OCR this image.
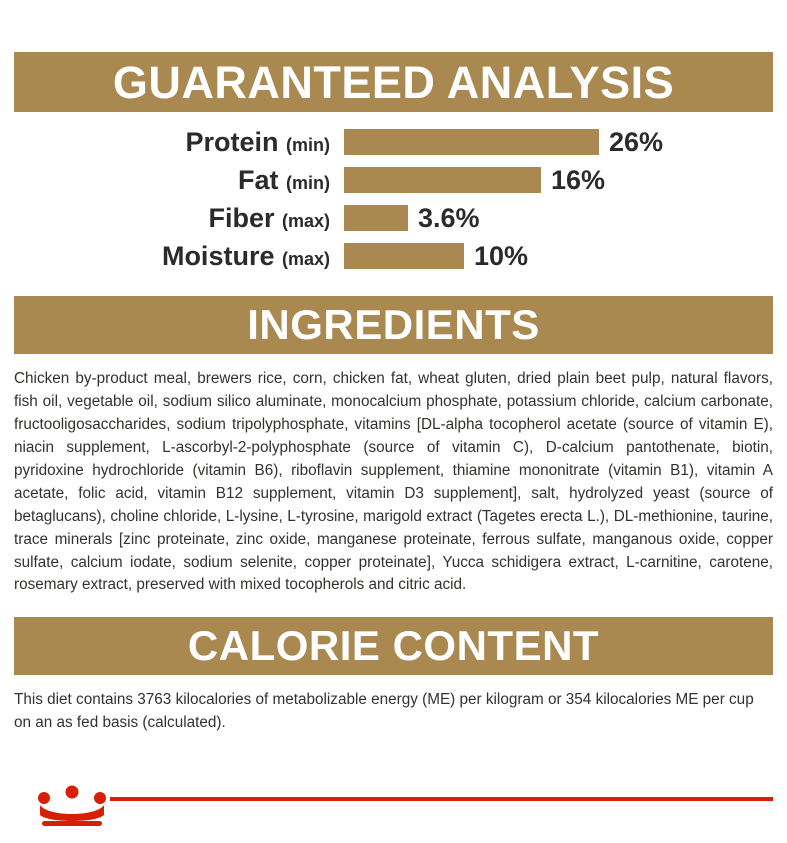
GUARANTEED ANALYSIS
Protein (min)	26%
Fat (min)	16%
Fiber (max)	3.6%
Moisture (max)	10%
INGREDIENTS
Chicken by-product meal, brewers rice, corn, chicken fat, wheat gluten, dried plain beet pulp, natural flavors, fish oil, vegetable oil, sodium silico aluminate, monocalcium phosphate, potassium chloride, calcium carbonate, fructooligosaccharides, sodium tripolyphosphate, vitamins [DL-alpha tocopherol acetate (source of vitamin E), niacin supplement, L-ascorbyl-2-polyphosphate (source of vitamin C), D-calcium pantothenate, biotin, pyridoxine hydrochloride (vitamin B6), riboflavin supplement, thiamine mononitrate (vitamin B1), vitamin A acetate, folic acid, vitamin B12 supplement, vitamin D3 supplement], salt, hydrolyzed yeast (source of betaglucans), choline chloride, L-lysine, L-tyrosine, marigold extract (Tagetes erecta L.), DL-methionine, taurine, trace minerals [zinc proteinate, zinc oxide, manganese proteinate, ferrous sulfate, manganous oxide, copper sulfate, calcium iodate, sodium selenite, copper proteinate], Yucca schidigera extract, L-carnitine, carotene, rosemary extract, preserved with mixed tocopherols and citric acid.
CALORIE CONTENT
This diet contains 3763 kilocalories of metabolizable energy (ME) per kilogram or 354 kilocalories ME per cup on an as fed basis (calculated).
